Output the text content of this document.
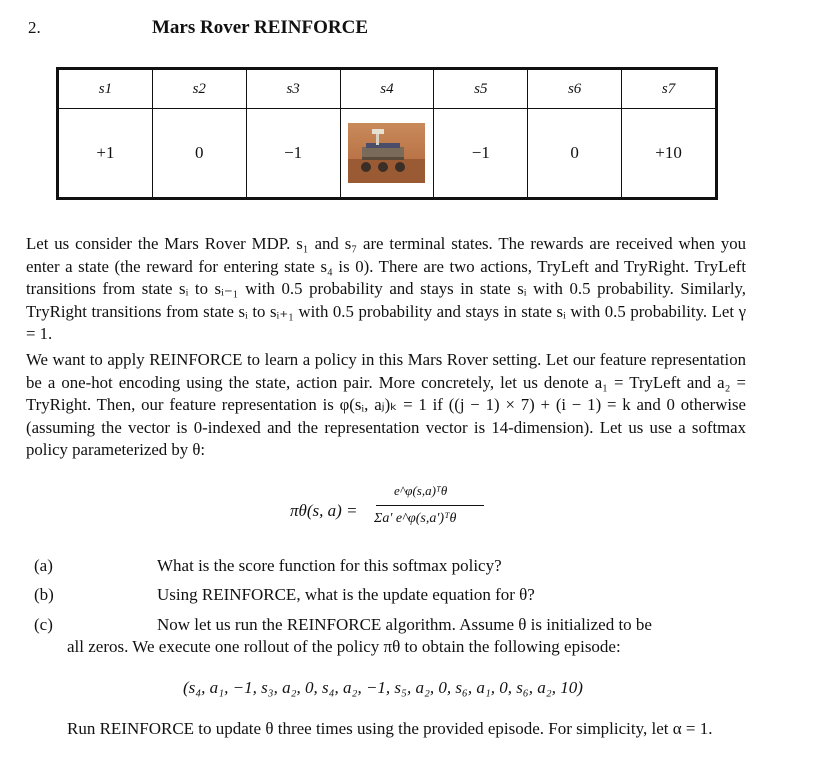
2.	Mars Rover REINFORCE
s1	s2	s3	s4	s5	s6	s7
+1	0	−1		−1	0	+10
Let us consider the Mars Rover MDP. s₁ and s₇ are terminal states. The rewards are received when you enter a state (the reward for entering state s₄ is 0). There are two actions, TryLeft and TryRight. TryLeft transitions from state sᵢ to sᵢ₋₁ with 0.5 probability and stays in state sᵢ with 0.5 probability. Similarly, TryRight transitions from state sᵢ to sᵢ₊₁ with 0.5 probability and stays in state sᵢ with 0.5 probability. Let γ = 1.
We want to apply REINFORCE to learn a policy in this Mars Rover setting. Let our feature representation be a one-hot encoding using the state, action pair. More concretely, let us denote a₁ = TryLeft and a₂ = TryRight. Then, our feature representation is φ(sᵢ, aⱼ)ₖ = 1 if ((j − 1) × 7) + (i − 1) = k and 0 otherwise (assuming the vector is 0-indexed and the representation vector is 14-dimension). Let us use a softmax policy parameterized by θ:
πθ(s, a) =
e^φ(s,a)ᵀθ
Σa′ e^φ(s,a′)ᵀθ
(a)	What is the score function for this softmax policy?
(b)	Using REINFORCE, what is the update equation for θ?
(c)	Now let us run the REINFORCE algorithm. Assume θ is initialized to be
all zeros. We execute one rollout of the policy πθ to obtain the following episode:
(s₄, a₁, −1, s₃, a₂, 0, s₄, a₂, −1, s₅, a₂, 0, s₆, a₁, 0, s₆, a₂, 10)
Run REINFORCE to update θ three times using the provided episode. For simplicity, let α = 1.
